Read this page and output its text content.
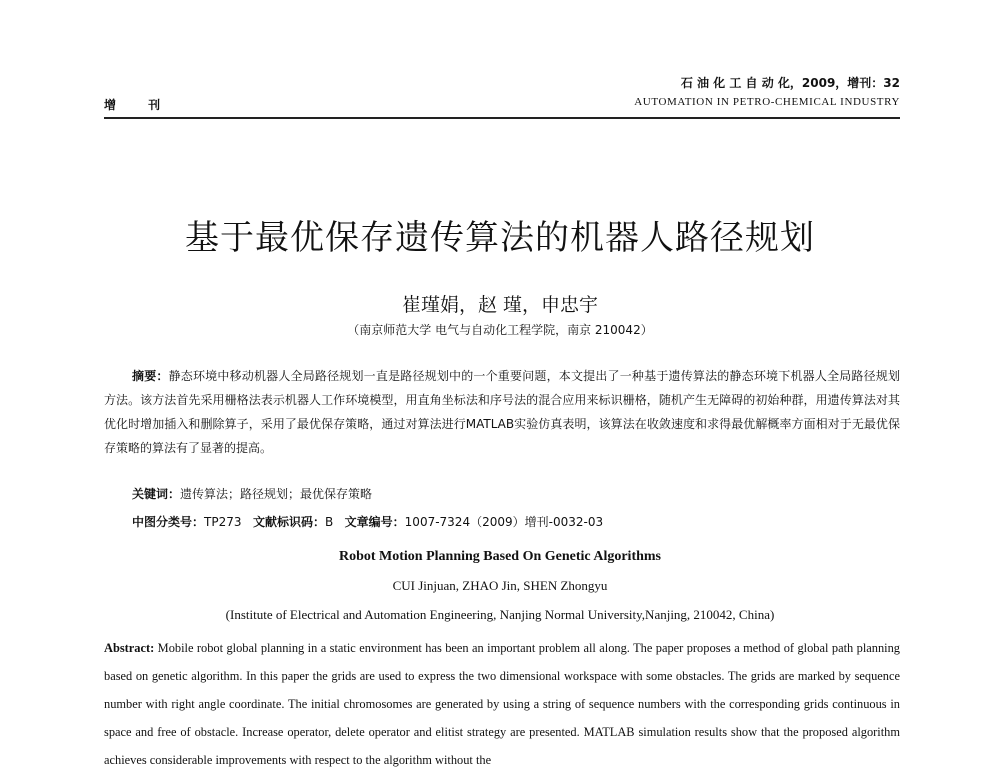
增 刊
石 油 化 工 自 动 化，2009，增刊：32
AUTOMATION IN PETRO-CHEMICAL INDUSTRY
基于最优保存遗传算法的机器人路径规划
崔瑾娟，赵 瑾，申忠宇
（南京师范大学 电气与自动化工程学院，南京 210042）
摘要：静态环境中移动机器人全局路径规划一直是路径规划中的一个重要问题，本文提出了一种基于遗传算法的静态环境下机器人全局路径规划方法。该方法首先采用栅格法表示机器人工作环境模型，用直角坐标法和序号法的混合应用来标识栅格，随机产生无障碍的初始种群，用遗传算法对其优化时增加插入和删除算子，采用了最优保存策略，通过对算法进行MATLAB实验仿真表明，该算法在收敛速度和求得最优解概率方面相对于无最优保存策略的算法有了显著的提高。
关键词：遗传算法；路径规划；最优保存策略
中图分类号：TP273 文献标识码：B 文章编号：1007-7324（2009）增刊-0032-03
Robot Motion Planning Based On Genetic Algorithms
CUI Jinjuan, ZHAO Jin, SHEN Zhongyu
(Institute of Electrical and Automation Engineering, Nanjing Normal University,Nanjing, 210042, China)
Abstract: Mobile robot global planning in a static environment has been an important problem all along. The paper proposes a method of global path planning based on genetic algorithm. In this paper the grids are used to express the two dimensional workspace with some obstacles. The grids are marked by sequence number with right angle coordinate. The initial chromosomes are generated by using a string of sequence numbers with the corresponding grids continuous in space and free of obstacle. Increase operator, delete operator and elitist strategy are presented. MATLAB simulation results show that the proposed algorithm achieves considerable improvements with respect to the algorithm without the
